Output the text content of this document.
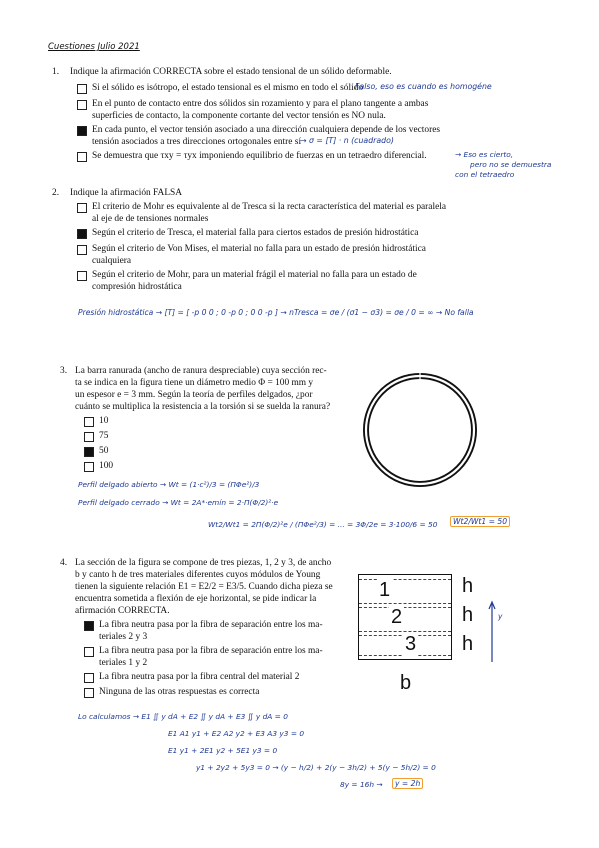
Cuestiones Julio 2021
1. Indique la afirmación CORRECTA sobre el estado tensional de un sólido deformable.
Si el sólido es isótropo, el estado tensional es el mismo en todo el sólido
Falso, eso es cuando es homogéne
En el punto de contacto entre dos sólidos sin rozamiento y para el plano tangente a ambas
superficies de contacto, la componente cortante del vector tensión es NO nula.
En cada punto, el vector tensión asociado a una dirección cualquiera depende de los vectores
tensión asociados a tres direcciones ortogonales entre sí
→ σ = [T] · n (cuadrado)
Se demuestra que τxy = τyx imponiendo equilibrio de fuerzas en un tetraedro diferencial.	→ Eso es cierto,
pero no se demuestra
con el tetraedro
2. Indique la afirmación FALSA
El criterio de Mohr es equivalente al de Tresca si la recta característica del material es paralela
al eje de de tensiones normales
Según el criterio de Tresca, el material falla para ciertos estados de presión hidrostática
Según el criterio de Von Mises, el material no falla para un estado de presión hidrostática
cualquiera
Según el criterio de Mohr, para un material frágil el material no falla para un estado de
compresión hidrostática
Presión hidrostática → [T] = [ -p 0 0 ; 0 -p 0 ; 0 0 -p ] → nTresca = σe / (σ1 − σ3) = σe / 0 = ∞ → No falla
3. La barra ranurada (ancho de ranura despreciable) cuya sección rec-
ta se indica en la figura tiene un diámetro medio Φ = 100 mm y
un espesor e = 3 mm. Según la teoría de perfiles delgados, ¿por
cuánto se multiplica la resistencia a la torsión si se suelda la ranura?
10
75
50
100
Perfil delgado abierto → Wt = (1·c²)/3 = (ΠΦe²)/3
Perfil delgado cerrado → Wt = 2A*·emín = 2·Π(Φ/2)²·e
Wt2/Wt1 = 2Π(Φ/2)²e / (ΠΦe²/3) = ... = 3Φ/2e = 3·100/6 = 50	Wt2/Wt1 = 50
4. La sección de la figura se compone de tres piezas, 1, 2 y 3, de ancho
b y canto h de tres materiales diferentes cuyos módulos de Young
tienen la siguiente relación E1 = E2/2 = E3/5. Cuando dicha pieza se
encuentra sometida a flexión de eje horizontal, se pide indicar la
afirmación CORRECTA.
La fibra neutra pasa por la fibra de separación entre los ma-
teriales 2 y 3
La fibra neutra pasa por la fibra de separación entre los ma-
teriales 1 y 2
La fibra neutra pasa por la fibra central del material 2
Ninguna de las otras respuestas es correcta
1
2
3
h
h
h
b
y
Lo calculamos → E1 ∬ y dA + E2 ∬ y dA + E3 ∬ y dA = 0
E1 A1 y1 + E2 A2 y2 + E3 A3 y3 = 0
E1 y1 + 2E1 y2 + 5E1 y3 = 0
y1 + 2y2 + 5y3 = 0 → (y − h/2) + 2(y − 3h/2) + 5(y − 5h/2) = 0
8y = 16h →	y = 2h
